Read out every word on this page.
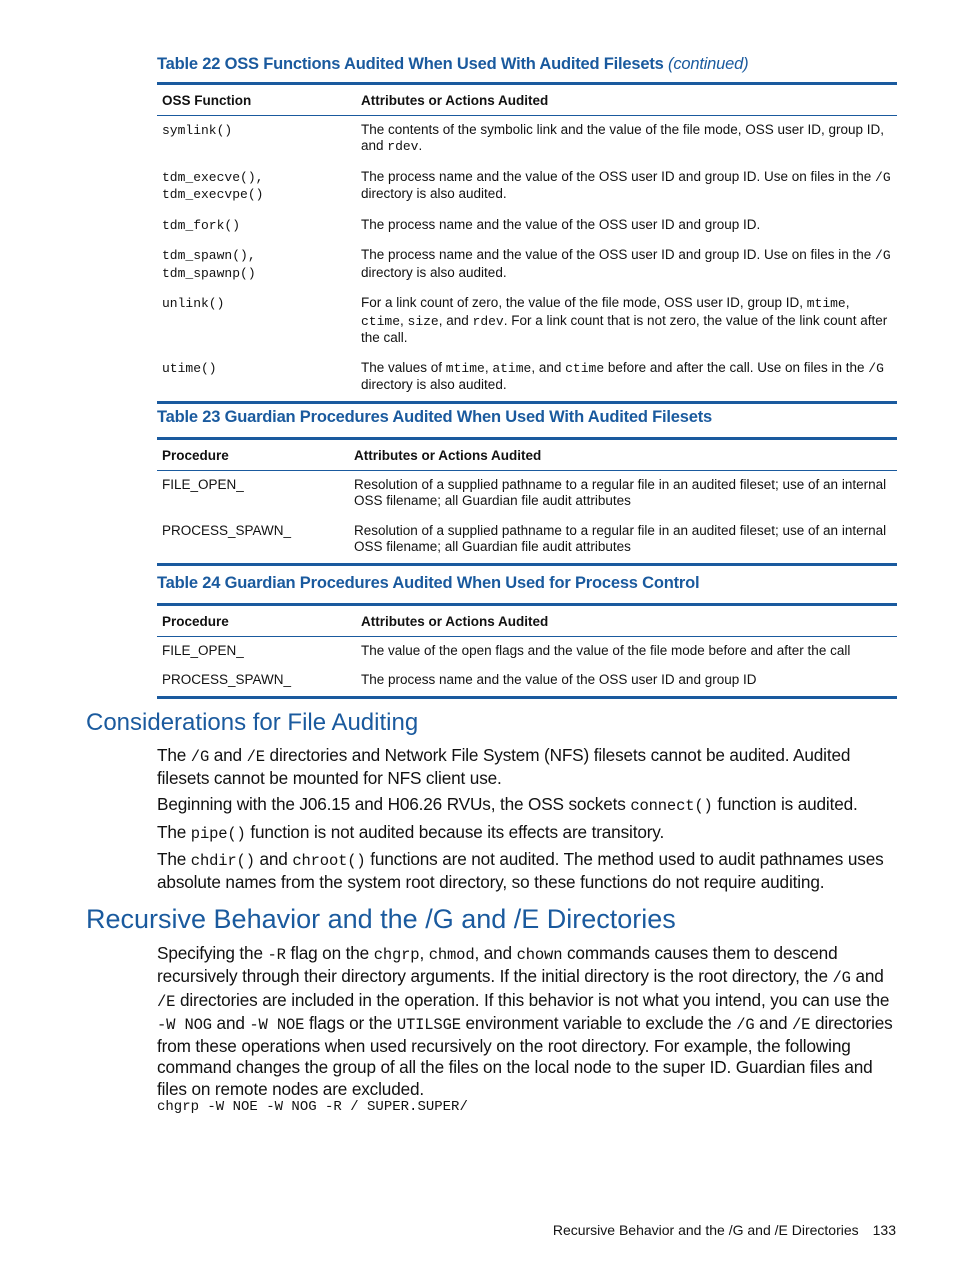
Table 22 OSS Functions Audited When Used With Audited Filesets (continued)
OSS Function	Attributes or Actions Audited
symlink()	The contents of the symbolic link and the value of the file mode, OSS user ID, group ID, and rdev.
tdm_execve(),
tdm_execvpe()	The process name and the value of the OSS user ID and group ID. Use on files in the /G directory is also audited.
tdm_fork()	The process name and the value of the OSS user ID and group ID.
tdm_spawn(),
tdm_spawnp()	The process name and the value of the OSS user ID and group ID. Use on files in the /G directory is also audited.
unlink()	For a link count of zero, the value of the file mode, OSS user ID, group ID, mtime, ctime, size, and rdev. For a link count that is not zero, the value of the link count after the call.
utime()	The values of mtime, atime, and ctime before and after the call. Use on files in the /G directory is also audited.
Table 23 Guardian Procedures Audited When Used With Audited Filesets
Procedure	Attributes or Actions Audited
FILE_OPEN_	Resolution of a supplied pathname to a regular file in an audited fileset; use of an internal OSS filename; all Guardian file audit attributes
PROCESS_SPAWN_	Resolution of a supplied pathname to a regular file in an audited fileset; use of an internal OSS filename; all Guardian file audit attributes
Table 24 Guardian Procedures Audited When Used for Process Control
Procedure	Attributes or Actions Audited
FILE_OPEN_	The value of the open flags and the value of the file mode before and after the call
PROCESS_SPAWN_	The process name and the value of the OSS user ID and group ID
Considerations for File Auditing

The /G and /E directories and Network File System (NFS) filesets cannot be audited. Audited filesets cannot be mounted for NFS client use.

Beginning with the J06.15 and H06.26 RVUs, the OSS sockets connect() function is audited.

The pipe() function is not audited because its effects are transitory.

The chdir() and chroot() functions are not audited. The method used to audit pathnames uses absolute names from the system root directory, so these functions do not require auditing.

Recursive Behavior and the /G and /E Directories

Specifying the -R flag on the chgrp, chmod, and chown commands causes them to descend recursively through their directory arguments. If the initial directory is the root directory, the /G and /E directories are included in the operation. If this behavior is not what you intend, you can use the -W NOG and -W NOE flags or the UTILSGE environment variable to exclude the /G and /E directories from these operations when used recursively on the root directory. For example, the following command changes the group of all the files on the local node to the super ID. Guardian files and files on remote nodes are excluded.

chgrp -W NOE -W NOG -R / SUPER.SUPER/
Recursive Behavior and the /G and /E Directories 133
